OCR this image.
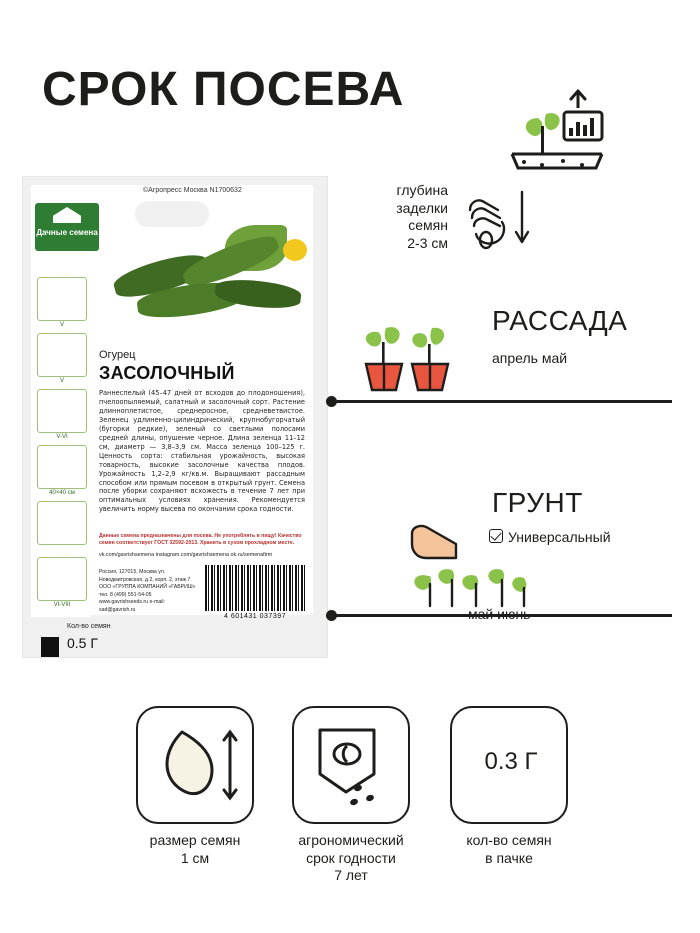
СРОК ПОСЕВА
©Агропресс Москва N1700632
Дачные семена
Огурец
ЗАСОЛОЧНЫЙ
Раннеспелый (45–47 дней от всходов до плодоношения), пчелоопыляемый, салатный и засолочный сорт. Растение длинноплетистое, среднеросное, средневетвистое. Зеленец удлиненно-цилиндрический, крупнобугорчатый (бугорки редкие), зеленый со светлыми полосами средней длины, опушение черное. Длина зеленца 11–12 см, диаметр — 3,8–3,9 см. Масса зеленца 100–125 г. Ценность сорта: стабильная урожайность, высокая товарность, высокие засолочные качества плодов. Урожайность 1,2–2,9 кг/кв.м. Выращивают рассадным способом или прямым посевом в открытый грунт. Семена после уборки сохраняют всхожесть в течение 7 лет при оптимальных условиях хранения. Рекомендуется увеличить норму высева по окончании срока годности.
Данные семена предназначены для посева. Не употреблять в пищу! Качество семян соответствует ГОСТ 32592-2013. Хранить в сухом прохладном месте.
vk.com/gavrishsemena instagram.com/gavrishsemena ok.ru/semenafirm
Россия, 127015, Москва ул. Новодмитровская, д.2, корп. 2, этаж 7 ООО «ГРУППА КОМПАНИЙ «ГАВРИШ» тел. 8 (499) 551-54-05 www.gavrishseeds.ru e-mail: sad@gavrish.ru
4 601431 037397
Кол-во семян
0.5 Г
V
V
V-VI
40×40 см
VI-VIII
глубина
заделки
семян
2-3 см
РАССАДА
апрель май
ГРУНТ
Универсальный
май июнь
0.3 Г
размер семян
1 см
агрономический
срок годности
7 лет
кол-во семян
в пачке
